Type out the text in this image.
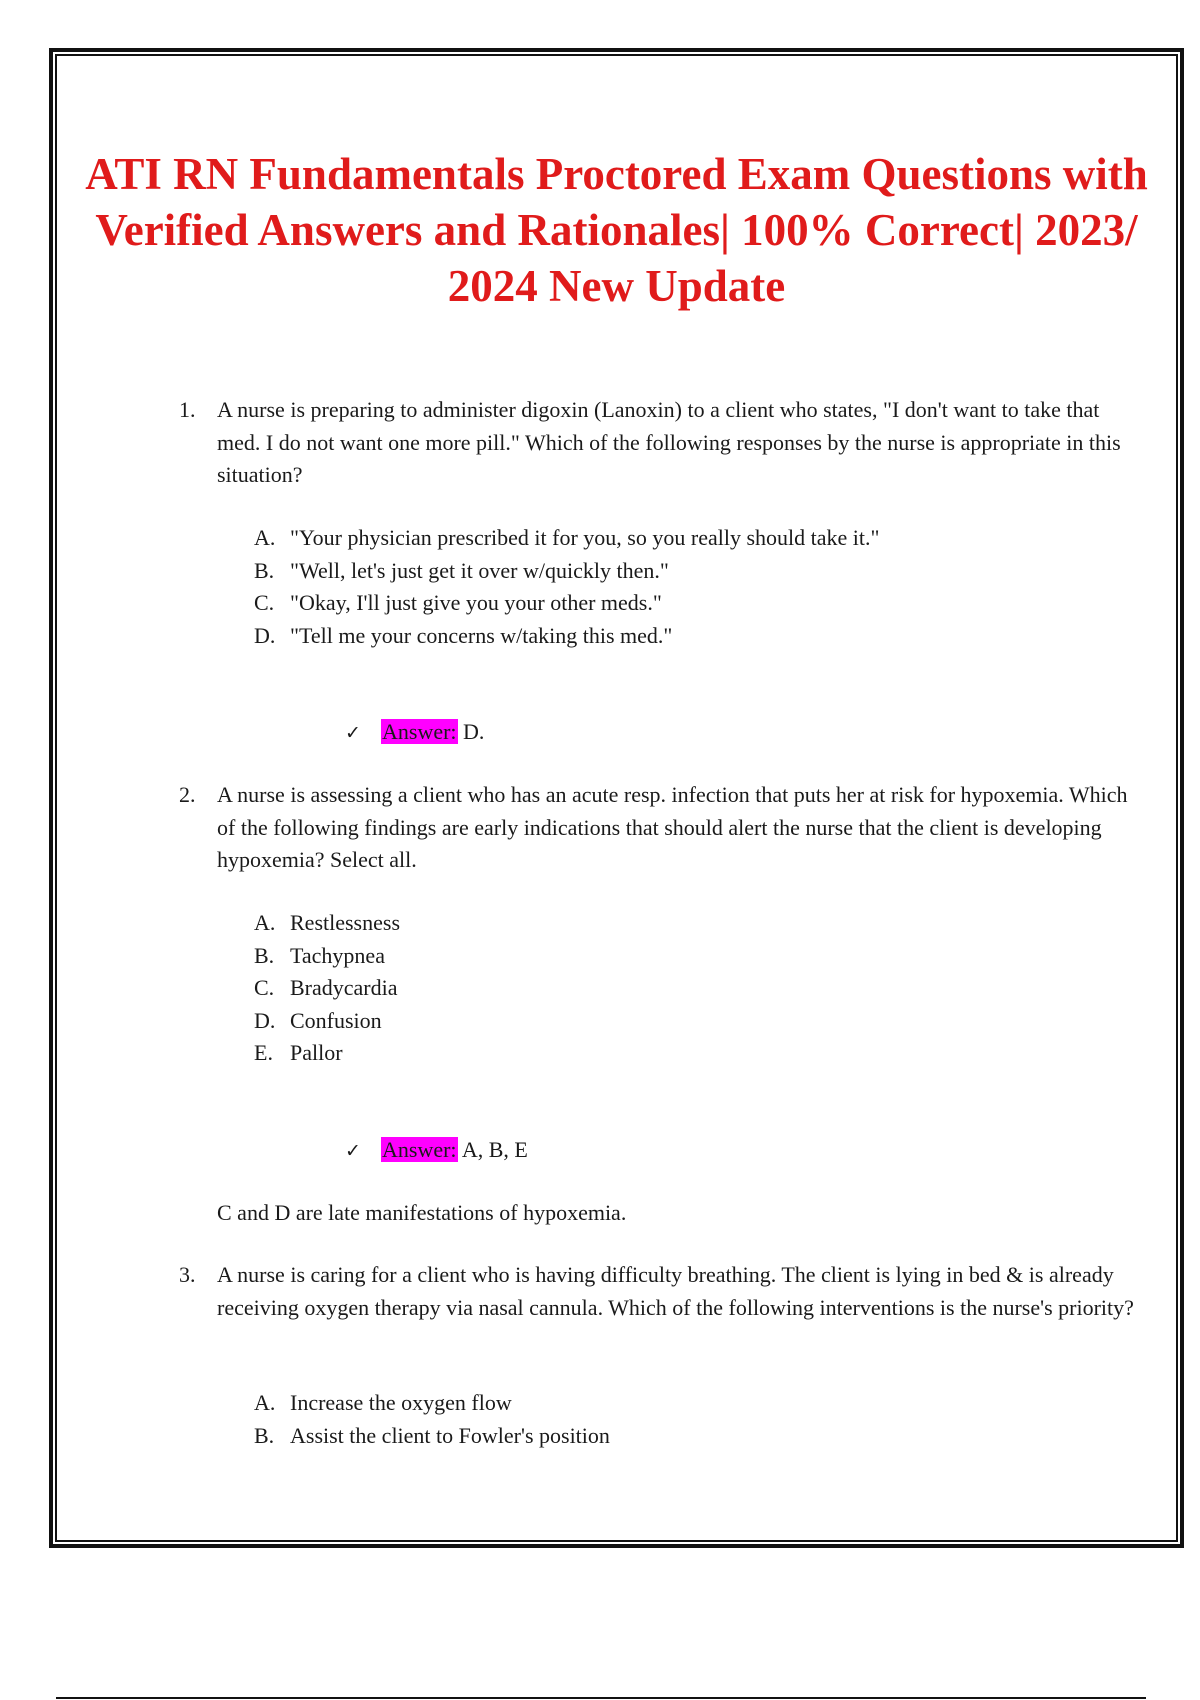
ATI RN Fundamentals Proctored Exam Questions with Verified Answers and Rationales| 100% Correct| 2023/ 2024 New Update

1. A nurse is preparing to administer digoxin (Lanoxin) to a client who states, "I don't want to take that med. I do not want one more pill." Which of the following responses by the nurse is appropriate in this situation?

A. "Your physician prescribed it for you, so you really should take it."
B. "Well, let's just get it over w/quickly then."
C. "Okay, I'll just give you your other meds."
D. "Tell me your concerns w/taking this med."
✓ Answer: D.

2. A nurse is assessing a client who has an acute resp. infection that puts her at risk for hypoxemia. Which of the following findings are early indications that should alert the nurse that the client is developing hypoxemia? Select all.

A. Restlessness
B. Tachypnea
C. Bradycardia
D. Confusion
E. Pallor
✓ Answer: A, B, E

C and D are late manifestations of hypoxemia.

3. A nurse is caring for a client who is having difficulty breathing. The client is lying in bed & is already receiving oxygen therapy via nasal cannula. Which of the following interventions is the nurse's priority?

A. Increase the oxygen flow
B. Assist the client to Fowler's position
